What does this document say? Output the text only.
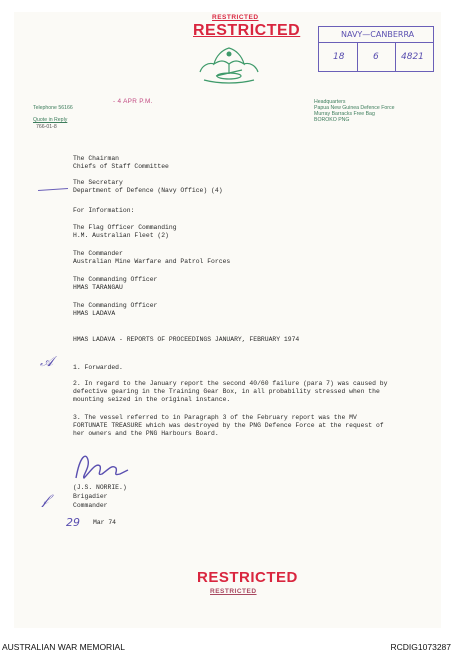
RESTRICTED
RESTRICTED	NAVY—CANBERRA
18	6 4821
Telephone 56166
Quote in Reply
766-01-8
- 4 APR P.M.	Headquarters
Papua New Guinea Defence Force
Murray Barracks Free Bag
BOROKO PNG
The Chairman
Chiefs of Staff Committee
The Secretary
Department of Defence (Navy Office) (4)
For Information:
The Flag Officer Commanding
H.M. Australian Fleet (2)
The Commander
Australian Mine Warfare and Patrol Forces
The Commanding Officer
HMAS TARANGAU
The Commanding Officer
HMAS LADAVA
HMAS LADAVA - REPORTS OF PROCEEDINGS JANUARY, FEBRUARY 1974
𝒜	1. Forwarded.

2. In regard to the January report the second 40/60 failure (para 7) was caused by defective gearing in the Training Gear Box, in all probability stressed when the mounting seized in the original instance.

3. The vessel referred to in Paragraph 3 of the February report was the MV FORTUNATE TREASURE which was destroyed by the PNG Defence Force at the request of her owners and the PNG Harbours Board.

(J.S. NORRIE.)
Brigadier
Commander
𝒻
29 Mar 74
RESTRICTED
RESTRICTED
AUSTRALIAN WAR MEMORIAL	RCDIG1073287
